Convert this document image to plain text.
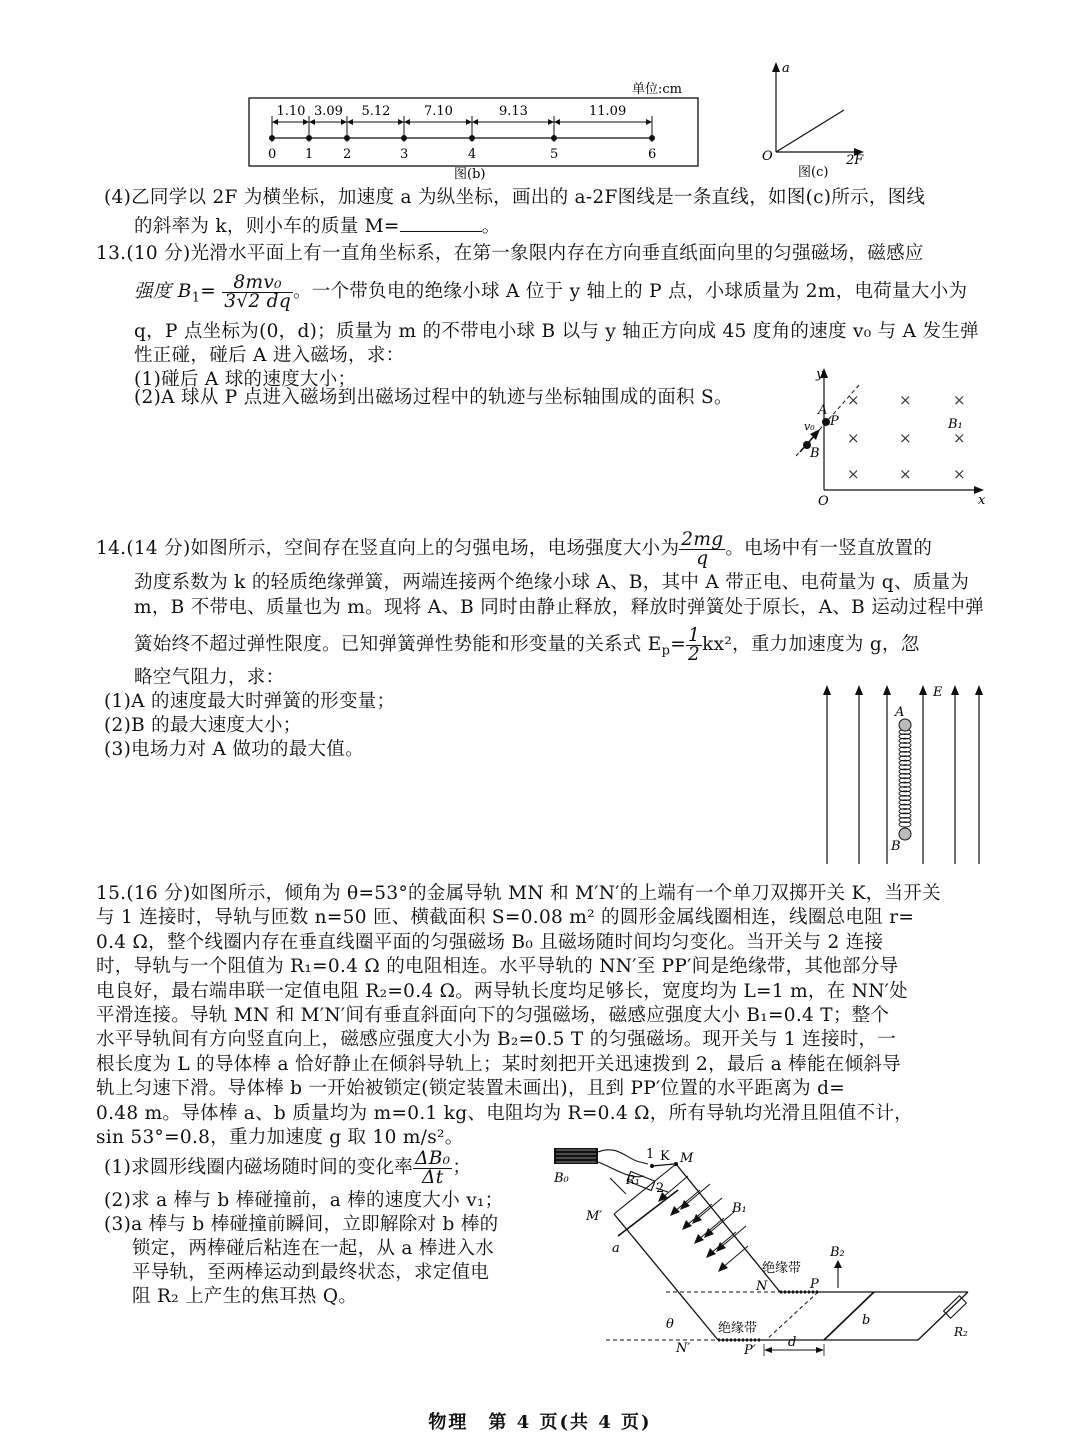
单位:cm
0 1 2	3	4	5	6
1.10 3.09 5.12	7.10	9.13	11.09
图(b)
a
O	2F
图(c)
(4)乙同学以 2F 为横坐标，加速度 a 为纵坐标，画出的 a-2F图线是一条直线，如图(c)所示，图线
的斜率为 k，则小车的质量 M=	。
13.(10 分)光滑水平面上有一直角坐标系，在第一象限内存在方向垂直纸面向里的匀强磁场，磁感应
强度 $B_1= \frac{\text{8mv₀}}{3√2 dq}$ 。一个带负电的绝缘小球 A 位于 y 轴上的 P 点，小球质量为 2m，电荷量大小为
q，P 点坐标为(0，d)；质量为 m 的不带电小球 B 以与 y 轴正方向成 45 度角的速度 v₀ 与 A 发生弹
性正碰，碰后 A 进入磁场，求：
(1)碰后 A 球的速度大小；
(2)A 球从 P 点进入磁场到出磁场过程中的轨迹与坐标轴围成的面积 S。	×	×	×
×	×	×
×	×	×
y
x
O
A
P
v₀
B
B₁
14.(14 分)如图所示，空间存在竖直向上的匀强电场，电场强度大小为 $\frac{2mg}{q}$ 。电场中有一竖直放置的
劲度系数为 k 的轻质绝缘弹簧，两端连接两个绝缘小球 A、B，其中 A 带正电、电荷量为 q、质量为
m，B 不带电、质量也为 m。现将 A、B 同时由静止释放，释放时弹簧处于原长，A、B 运动过程中弹
簧始终不超过弹性限度。已知弹簧弹性势能和形变量的关系式 $E_p= \frac{1}{2} kx^2$，重力加速度为 g，忽
略空气阻力，求：
(1)A 的速度最大时弹簧的形变量；
(2)B 的最大速度大小；
(3)电场力对 A 做功的最大值。
E
A
B
15.(16 分)如图所示，倾角为 θ=53°的金属导轨 MN 和 M′N′的上端有一个单刀双掷开关 K，当开关
与 1 连接时，导轨与匝数 n=50 匝、横截面积 S=0.08 m² 的圆形金属线圈相连，线圈总电阻 r=
0.4 Ω，整个线圈内存在垂直线圈平面的匀强磁场 B₀ 且磁场随时间均匀变化。当开关与 2 连接
时，导轨与一个阻值为 R₁=0.4 Ω 的电阻相连。水平导轨的 NN′至 PP′间是绝缘带，其他部分导
电良好，最右端串联一定值电阻 R₂=0.4 Ω。两导轨长度均足够长，宽度均为 L=1 m，在 NN′处
平滑连接。导轨 MN 和 M′N′间有垂直斜面向下的匀强磁场，磁感应强度大小 B₁=0.4 T；整个
水平导轨间有方向竖直向上，磁感应强度大小为 B₂=0.5 T 的匀强磁场。现开关与 1 连接时，一
根长度为 L 的导体棒 a 恰好静止在倾斜导轨上；某时刻把开关迅速拨到 2，最后 a 棒能在倾斜导
轨上匀速下滑。导体棒 b 一开始被锁定(锁定装置未画出)，且到 PP′位置的水平距离为 d=
0.48 m。导体棒 a、b 质量均为 m=0.1 kg、电阻均为 R=0.4 Ω，所有导轨均光滑且阻值不计，
sin 53°=0.8，重力加速度 g 取 10 m/s²。
(1)求圆形线圈内磁场随时间的变化率 $\frac{\text{ΔB₀}}{\Delta t}$ ；
(2)求 a 棒与 b 棒碰撞前，a 棒的速度大小 v₁；
(3)a 棒与 b 棒碰撞前瞬间，立即解除对 b 棒的
锁定，两棒碰后粘连在一起，从 a 棒进入水
平导轨，至两棒运动到最终状态，求定值电
阻 R₂ 上产生的焦耳热 Q。
B₀
1 K M
R₁
2
M′
a
B₁
绝缘带
B₂
N	P
b
θ	绝缘带
N′	P′
d
R₂
物理　第 4 页(共 4 页)
